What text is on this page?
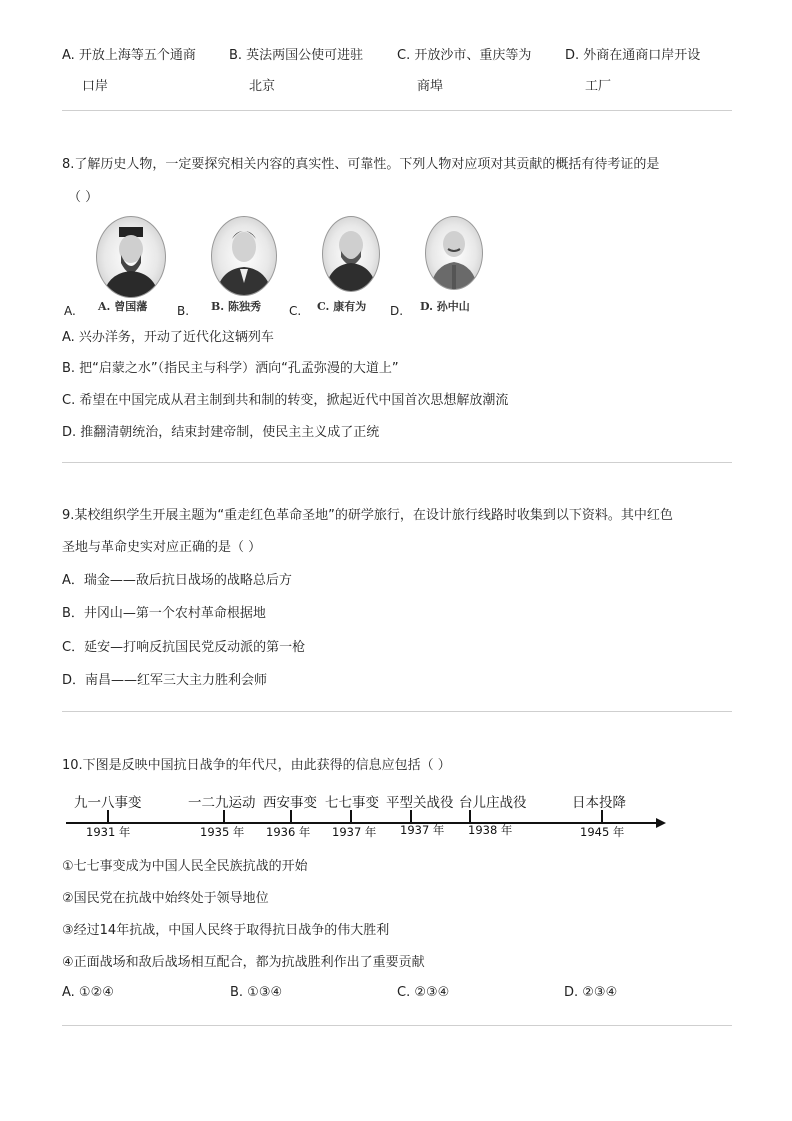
A. 开放上海等五个通商
口岸
B. 英法两国公使可进驻
北京
C. 开放沙市、重庆等为
商埠
D. 外商在通商口岸开设
工厂
8.了解历史人物，一定要探究相关内容的真实性、可靠性。下列人物对应项对其贡献的概括有待考证的是
（ ）
A. A. 曾国藩 B. B. 陈独秀 C. C. 康有为 D. D. 孙中山
A. 兴办洋务，开动了近代化这辆列车
B. 把“启蒙之水”（指民主与科学）洒向“孔孟弥漫的大道上”
C. 希望在中国完成从君主制到共和制的转变，掀起近代中国首次思想解放潮流
D. 推翻清朝统治，结束封建帝制，使民主主义成了正统
9.某校组织学生开展主题为“重走红色革命圣地”的研学旅行，在设计旅行线路时收集到以下资料。其中红色
圣地与革命史实对应正确的是（ ）
A．瑞金——敌后抗日战场的战略总后方
B．井冈山—第一个农村革命根据地
C．延安—打响反抗国民党反动派的第一枪
D．南昌——红军三大主力胜利会师
10.下图是反映中国抗日战争的年代尺，由此获得的信息应包括（ ）
九一八事变	一二九运动 西安事变 七七事变 平型关战役 台儿庄战役	日本投降
1931 年	1935 年 1936 年 1937 年 1937 年 1938 年	1945 年
①七七事变成为中国人民全民族抗战的开始
②国民党在抗战中始终处于领导地位
③经过14年抗战，中国人民终于取得抗日战争的伟大胜利
④正面战场和敌后战场相互配合，都为抗战胜利作出了重要贡献
A. ①②④	B. ①③④	C. ②③④	D. ②③④
